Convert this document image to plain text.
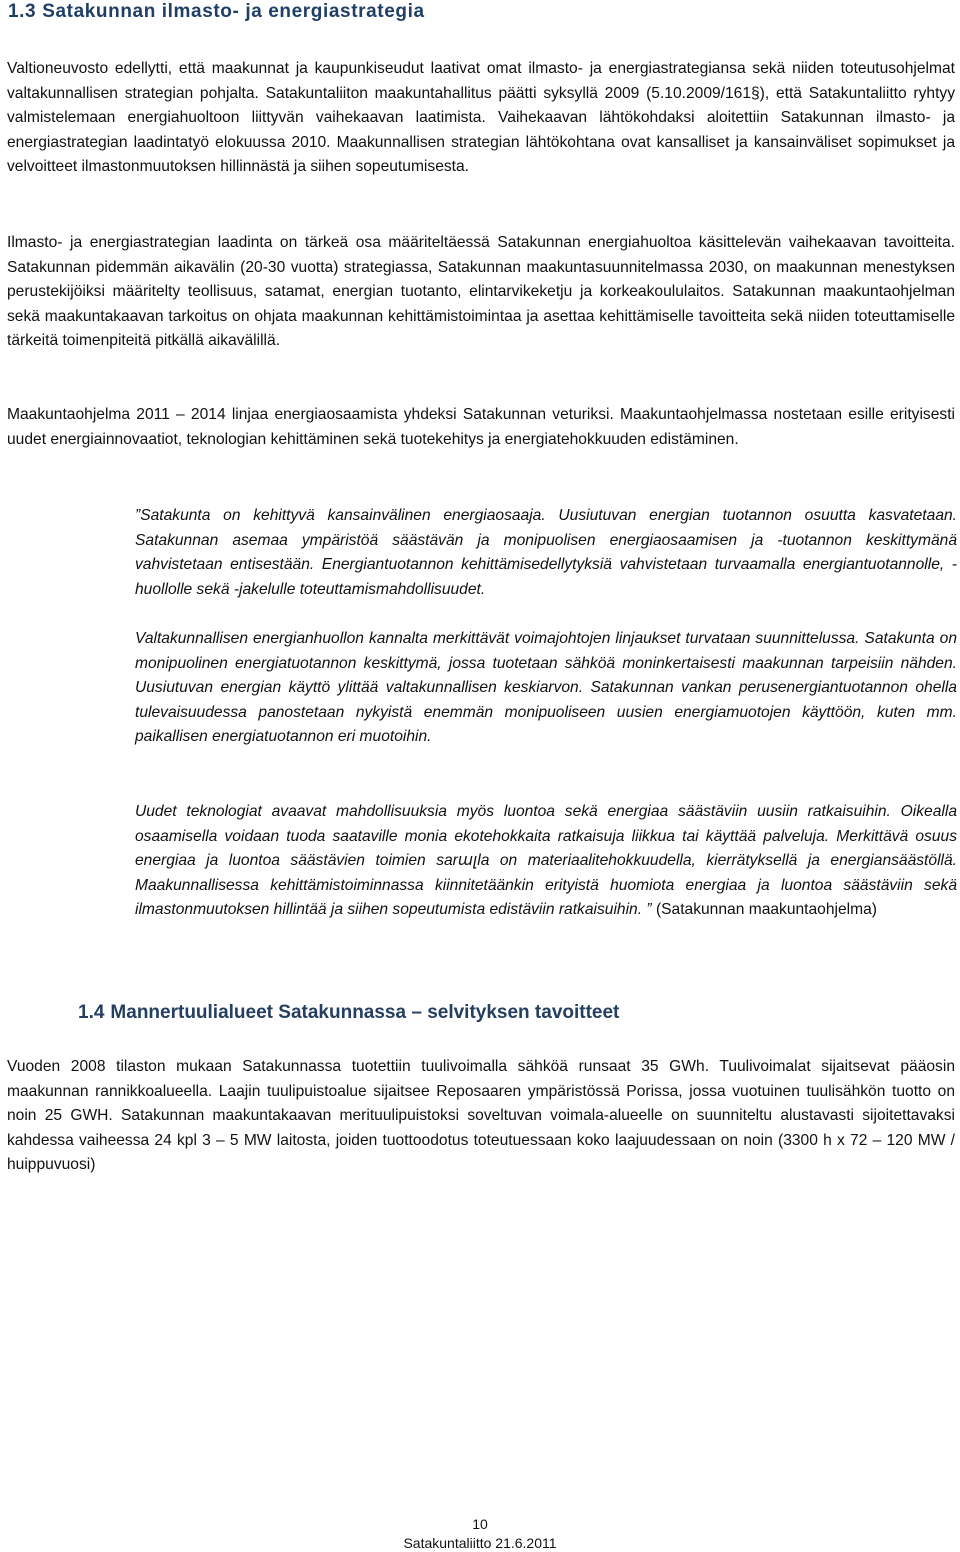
1.3 Satakunnan ilmasto- ja energiastrategia

Valtioneuvosto edellytti, että maakunnat ja kaupunkiseudut laativat omat ilmasto- ja energiastrategiansa sekä niiden toteutusohjelmat valtakunnallisen strategian pohjalta. Satakuntaliiton maakuntahallitus päätti syksyllä 2009 (5.10.2009/161§), että Satakuntaliitto ryhtyy valmistelemaan energiahuoltoon liittyvän vaihekaavan laatimista. Vaihekaavan lähtökohdaksi aloitettiin Satakunnan ilmasto- ja energiastrategian laadintatyö elokuussa 2010. Maakunnallisen strategian lähtökohtana ovat kansalliset ja kansainväliset sopimukset ja velvoitteet ilmastonmuutoksen hillinnästä ja siihen sopeutumisesta.

Ilmasto- ja energiastrategian laadinta on tärkeä osa määriteltäessä Satakunnan energiahuoltoa käsittelevän vaihekaavan tavoitteita. Satakunnan pidemmän aikavälin (20-30 vuotta) strategiassa, Satakunnan maakuntasuunnitelmassa 2030, on maakunnan menestyksen perustekijöiksi määritelty teollisuus, satamat, energian tuotanto, elintarvikeketju ja korkeakoululaitos. Satakunnan maakuntaohjelman sekä maakuntakaavan tarkoitus on ohjata maakunnan kehittämistoimintaa ja asettaa kehittämiselle tavoitteita sekä niiden toteuttamiselle tärkeitä toimenpiteitä pitkällä aikavälillä.

Maakuntaohjelma 2011 – 2014 linjaa energiaosaamista yhdeksi Satakunnan veturiksi. Maakuntaohjelmassa nostetaan esille erityisesti uudet energiainnovaatiot, teknologian kehittäminen sekä tuotekehitys ja energiatehokkuuden edistäminen.

”Satakunta on kehittyvä kansainvälinen energiaosaaja. Uusiutuvan energian tuotannon osuutta kasvatetaan. Satakunnan asemaa ympäristöä säästävän ja monipuolisen energiaosaamisen ja -tuotannon keskittymänä vahvistetaan entisestään. Energiantuotannon kehittämisedellytyksiä vahvistetaan turvaamalla energiantuotannolle, -huollolle sekä -jakelulle toteuttamismahdollisuudet.

Valtakunnallisen energianhuollon kannalta merkittävät voimajohtojen linjaukset turvataan suunnittelussa. Satakunta on monipuolinen energiatuotannon keskittymä, jossa tuotetaan sähköä moninkertaisesti maakunnan tarpeisiin nähden. Uusiutuvan energian käyttö ylittää valtakunnallisen keskiarvon. Satakunnan vankan perusenergiantuotannon ohella tulevaisuudessa panostetaan nykyistä enemmän monipuoliseen uusien energiamuotojen käyttöön, kuten mm. paikallisen energiatuotannon eri muotoihin.

Uudet teknologiat avaavat mahdollisuuksia myös luontoa sekä energiaa säästäviin uusiin ratkaisuihin. Oikealla osaamisella voidaan tuoda saataville monia ekotehokkaita ratkaisuja liikkua tai käyttää palveluja. Merkittävä osuus energiaa ja luontoa säästävien toimien sarալla on materiaalitehokkuudella, kierrätyksellä ja energiansäästöllä. Maakunnallisessa kehittämistoiminnassa kiinnitetäänkin erityistä huomiota energiaa ja luontoa säästäviin sekä ilmastonmuutoksen hillintää ja siihen sopeutumista edistäviin ratkaisuihin. ” (Satakunnan maakuntaohjelma)

1.4 Mannertuulialueet Satakunnassa – selvityksen tavoitteet

Vuoden 2008 tilaston mukaan Satakunnassa tuotettiin tuulivoimalla sähköä runsaat 35 GWh. Tuulivoimalat sijaitsevat pääosin maakunnan rannikkoalueella. Laajin tuulipuistoalue sijaitsee Reposaaren ympäristössä Porissa, jossa vuotuinen tuulisähkön tuotto on noin 25 GWH. Satakunnan maakuntakaavan merituulipuistoksi soveltuvan voimala-alueelle on suunniteltu alustavasti sijoitettavaksi kahdessa vaiheessa 24 kpl 3 – 5 MW laitosta, joiden tuottoodotus toteutuessaan koko laajuudessaan on noin (3300 h x 72 – 120 MW / huippuvuosi)

10
Satakuntaliitto 21.6.2011
